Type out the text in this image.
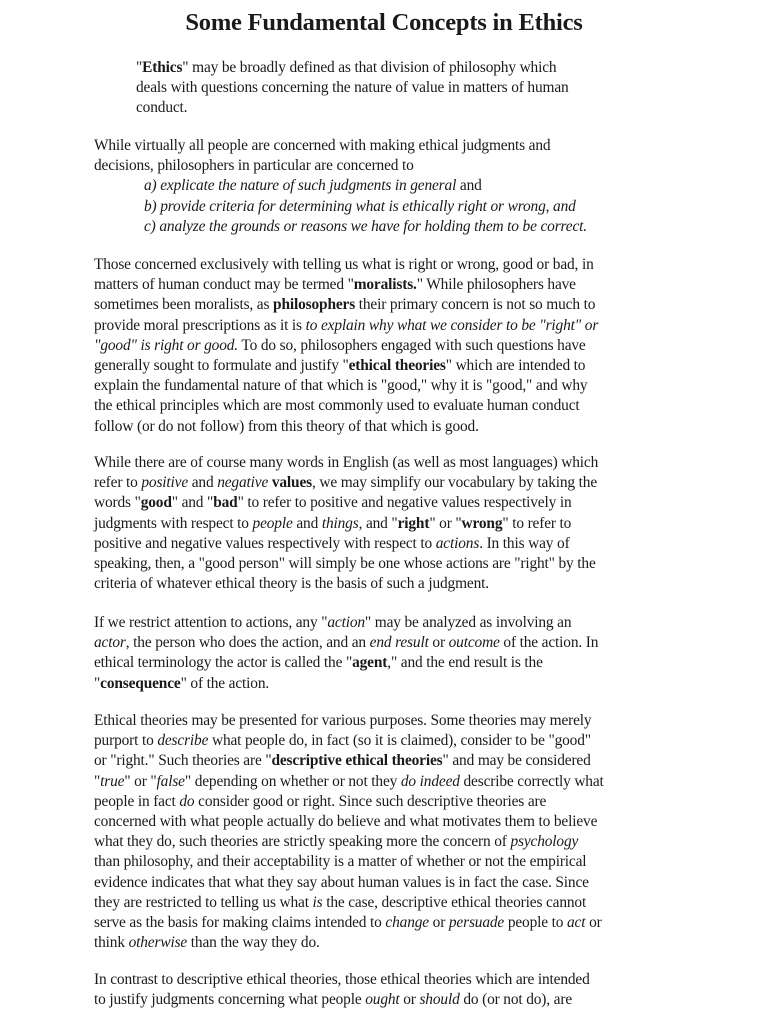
Some Fundamental Concepts in Ethics
"Ethics" may be broadly defined as that division of philosophy which
deals with questions concerning the nature of value in matters of human
conduct.
While virtually all people are concerned with making ethical judgments and
decisions, philosophers in particular are concerned to
a) explicate the nature of such judgments in general and
b) provide criteria for determining what is ethically right or wrong, and
c) analyze the grounds or reasons we have for holding them to be correct.
Those concerned exclusively with telling us what is right or wrong, good or bad, in
matters of human conduct may be termed "moralists." While philosophers have
sometimes been moralists, as philosophers their primary concern is not so much to
provide moral prescriptions as it is to explain why what we consider to be "right" or
"good" is right or good. To do so, philosophers engaged with such questions have
generally sought to formulate and justify "ethical theories" which are intended to
explain the fundamental nature of that which is "good," why it is "good," and why
the ethical principles which are most commonly used to evaluate human conduct
follow (or do not follow) from this theory of that which is good.
While there are of course many words in English (as well as most languages) which
refer to positive and negative values, we may simplify our vocabulary by taking the
words "good" and "bad" to refer to positive and negative values respectively in
judgments with respect to people and things, and "right" or "wrong" to refer to
positive and negative values respectively with respect to actions. In this way of
speaking, then, a "good person" will simply be one whose actions are "right" by the
criteria of whatever ethical theory is the basis of such a judgment.
If we restrict attention to actions, any "action" may be analyzed as involving an
actor, the person who does the action, and an end result or outcome of the action. In
ethical terminology the actor is called the "agent," and the end result is the
"consequence" of the action.
Ethical theories may be presented for various purposes. Some theories may merely
purport to describe what people do, in fact (so it is claimed), consider to be "good"
or "right." Such theories are "descriptive ethical theories" and may be considered
"true" or "false" depending on whether or not they do indeed describe correctly what
people in fact do consider good or right. Since such descriptive theories are
concerned with what people actually do believe and what motivates them to believe
what they do, such theories are strictly speaking more the concern of psychology
than philosophy, and their acceptability is a matter of whether or not the empirical
evidence indicates that what they say about human values is in fact the case. Since
they are restricted to telling us what is the case, descriptive ethical theories cannot
serve as the basis for making claims intended to change or persuade people to act or
think otherwise than the way they do.
In contrast to descriptive ethical theories, those ethical theories which are intended
to justify judgments concerning what people ought or should do (or not do), are
